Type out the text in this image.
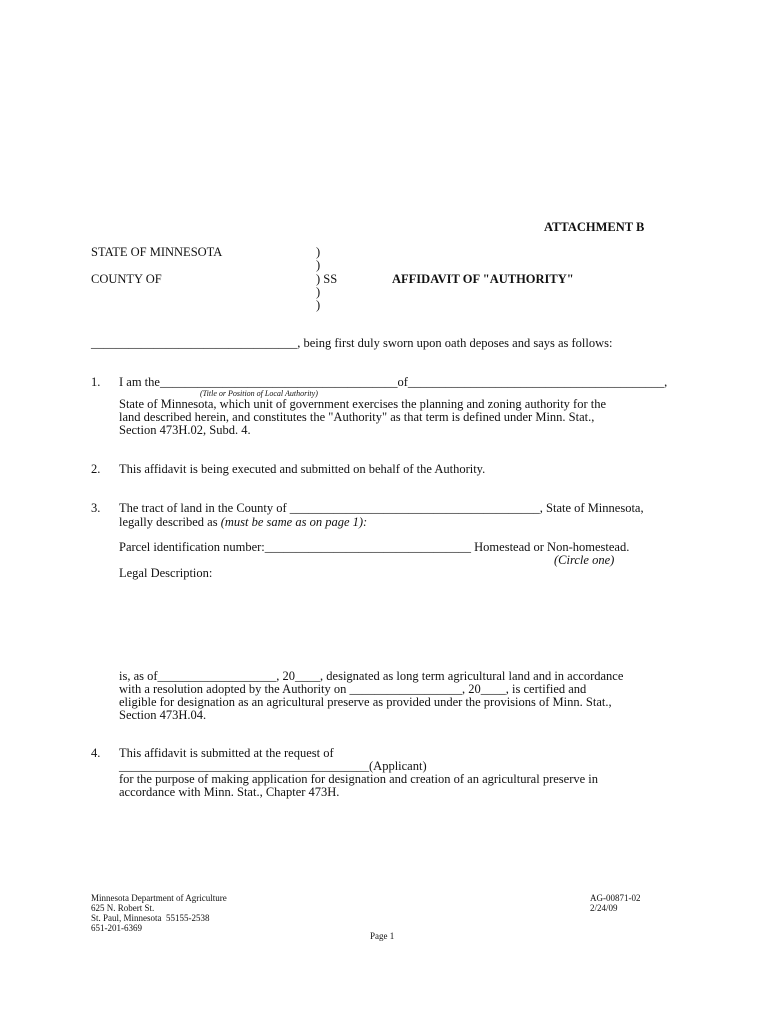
ATTACHMENT B
STATE OF MINNESOTA
COUNTY OF
)
)
) SS
)
)
AFFIDAVIT OF "AUTHORITY"
_________________________________, being first duly sworn upon oath deposes and says as follows:
1. I am the______________________________________of_________________________________________,
(Title or Position of Local Authority)
State of Minnesota, which unit of government exercises the planning and zoning authority for the
land described herein, and constitutes the "Authority" as that term is defined under Minn. Stat.,
Section 473H.02, Subd. 4.
2. This affidavit is being executed and submitted on behalf of the Authority.
3. The tract of land in the County of ________________________________________, State of Minnesota,
legally described as (must be same as on page 1):
Parcel identification number:_________________________________ Homestead or Non-homestead.
(Circle one)
Legal Description:
is, as of___________________, 20____, designated as long term agricultural land and in accordance
with a resolution adopted by the Authority on __________________, 20____, is certified and
eligible for designation as an agricultural preserve as provided under the provisions of Minn. Stat.,
Section 473H.04.
4. This affidavit is submitted at the request of
________________________________________(Applicant)
for the purpose of making application for designation and creation of an agricultural preserve in
accordance with Minn. Stat., Chapter 473H.
Minnesota Department of Agriculture
625 N. Robert St.
St. Paul, Minnesota  55155-2538
651-201-6369
AG-00871-02
2/24/09
Page 1
